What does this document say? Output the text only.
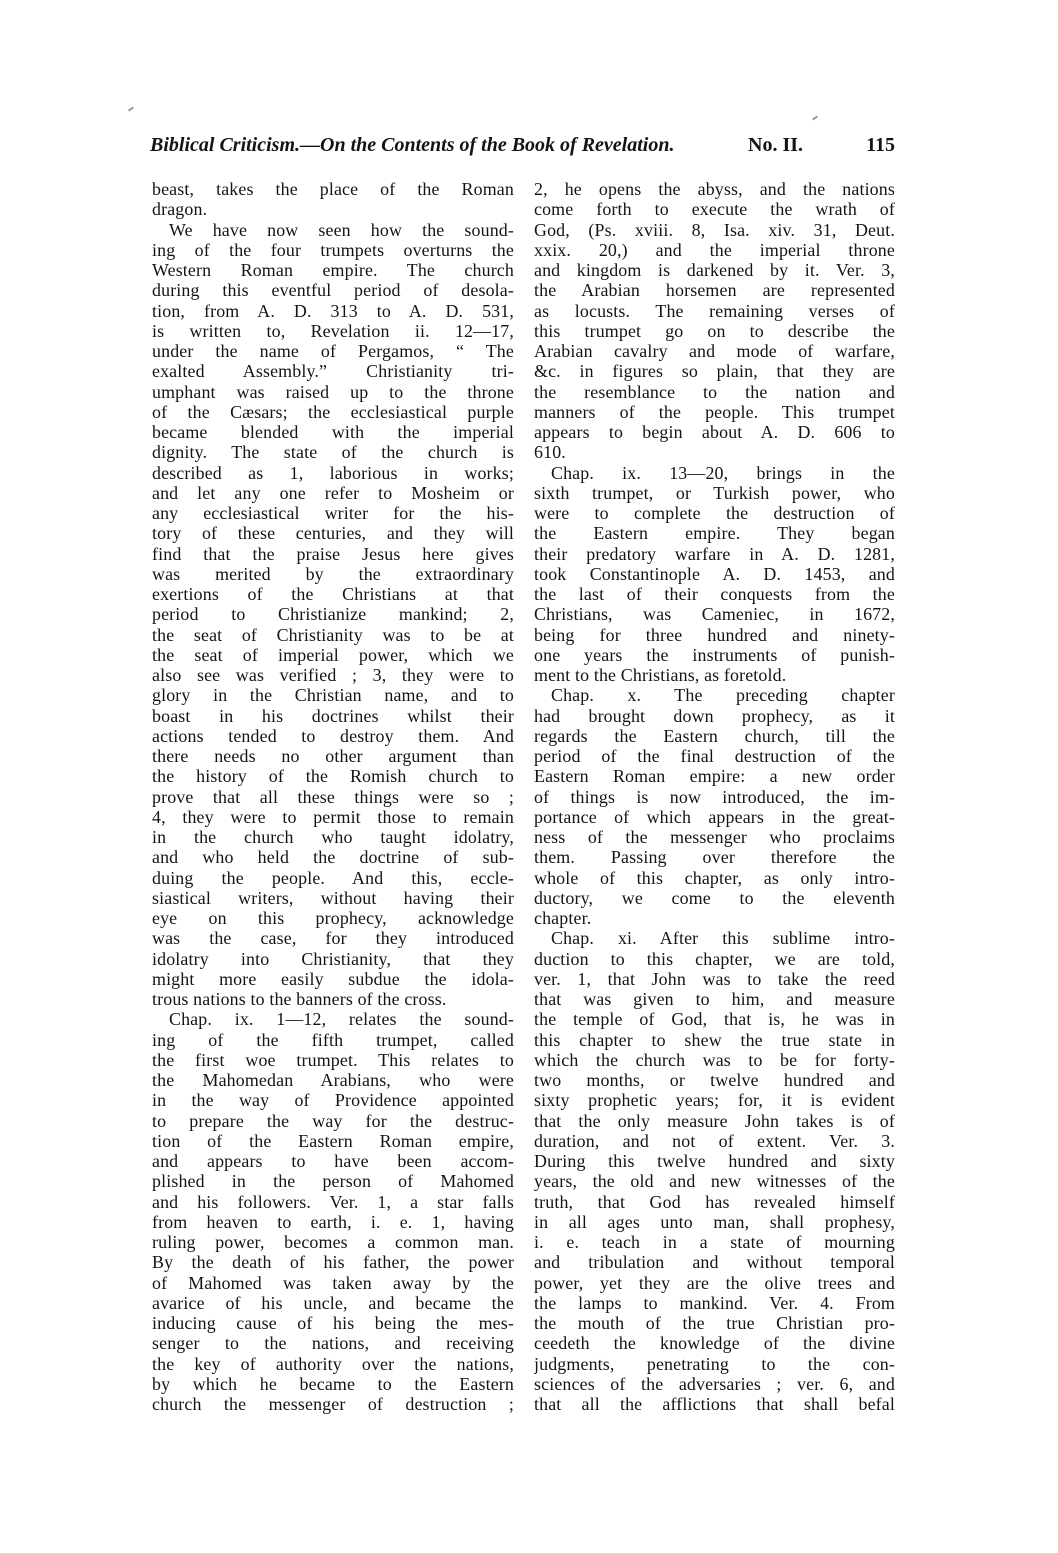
Biblical Criticism.—On the Contents of the Book of Revelation.	No. II.	115
beast, takes the place of the Roman
dragon.
We have now seen how the sound-
ing of the four trumpets overturns the
Western Roman empire. The church
during this eventful period of desola-
tion, from A. D. 313 to A. D. 531,
is written to, Revelation ii. 12—17,
under the name of Pergamos, “ The
exalted Assembly.” Christianity tri-
umphant was raised up to the throne
of the Cæsars; the ecclesiastical purple
became blended with the imperial
dignity. The state of the church is
described as 1, laborious in works;
and let any one refer to Mosheim or
any ecclesiastical writer for the his-
tory of these centuries, and they will
find that the praise Jesus here gives
was merited by the extraordinary
exertions of the Christians at that
period to Christianize mankind; 2,
the seat of Christianity was to be at
the seat of imperial power, which we
also see was verified ; 3, they were to
glory in the Christian name, and to
boast in his doctrines whilst their
actions tended to destroy them. And
there needs no other argument than
the history of the Romish church to
prove that all these things were so ;
4, they were to permit those to remain
in the church who taught idolatry,
and who held the doctrine of sub-
duing the people. And this, eccle-
siastical writers, without having their
eye on this prophecy, acknowledge
was the case, for they introduced
idolatry into Christianity, that they
might more easily subdue the idola-
trous nations to the banners of the cross.
Chap. ix. 1—12, relates the sound-
ing of the fifth trumpet, called
the first woe trumpet. This relates to
the Mahomedan Arabians, who were
in the way of Providence appointed
to prepare the way for the destruc-
tion of the Eastern Roman empire,
and appears to have been accom-
plished in the person of Mahomed
and his followers. Ver. 1, a star falls
from heaven to earth, i. e. 1, having
ruling power, becomes a common man.
By the death of his father, the power
of Mahomed was taken away by the
avarice of his uncle, and became the
inducing cause of his being the mes-
senger to the nations, and receiving
the key of authority over the nations,
by which he became to the Eastern
church the messenger of destruction ;
2, he opens the abyss, and the nations
come forth to execute the wrath of
God, (Ps. xviii. 8, Isa. xiv. 31, Deut.
xxix. 20,) and the imperial throne
and kingdom is darkened by it. Ver. 3,
the Arabian horsemen are represented
as locusts. The remaining verses of
this trumpet go on to describe the
Arabian cavalry and mode of warfare,
&c. in figures so plain, that they are
the resemblance to the nation and
manners of the people. This trumpet
appears to begin about A. D. 606 to
610.
Chap. ix. 13—20, brings in the
sixth trumpet, or Turkish power, who
were to complete the destruction of
the Eastern empire. They began
their predatory warfare in A. D. 1281,
took Constantinople A. D. 1453, and
the last of their conquests from the
Christians, was Cameniec, in 1672,
being for three hundred and ninety-
one years the instruments of punish-
ment to the Christians, as foretold.
Chap. x. The preceding chapter
had brought down prophecy, as it
regards the Eastern church, till the
period of the final destruction of the
Eastern Roman empire: a new order
of things is now introduced, the im-
portance of which appears in the great-
ness of the messenger who proclaims
them. Passing over therefore the
whole of this chapter, as only intro-
ductory, we come to the eleventh
chapter.
Chap. xi. After this sublime intro-
duction to this chapter, we are told,
ver. 1, that John was to take the reed
that was given to him, and measure
the temple of God, that is, he was in
this chapter to shew the true state in
which the church was to be for forty-
two months, or twelve hundred and
sixty prophetic years; for, it is evident
that the only measure John takes is of
duration, and not of extent. Ver. 3.
During this twelve hundred and sixty
years, the old and new witnesses of the
truth, that God has revealed himself
in all ages unto man, shall prophesy,
i. e. teach in a state of mourning
and tribulation and without temporal
power, yet they are the olive trees and
the lamps to mankind. Ver. 4. From
the mouth of the true Christian pro-
ceedeth the knowledge of the divine
judgments, penetrating to the con-
sciences of the adversaries ; ver. 6, and
that all the afflictions that shall befal
